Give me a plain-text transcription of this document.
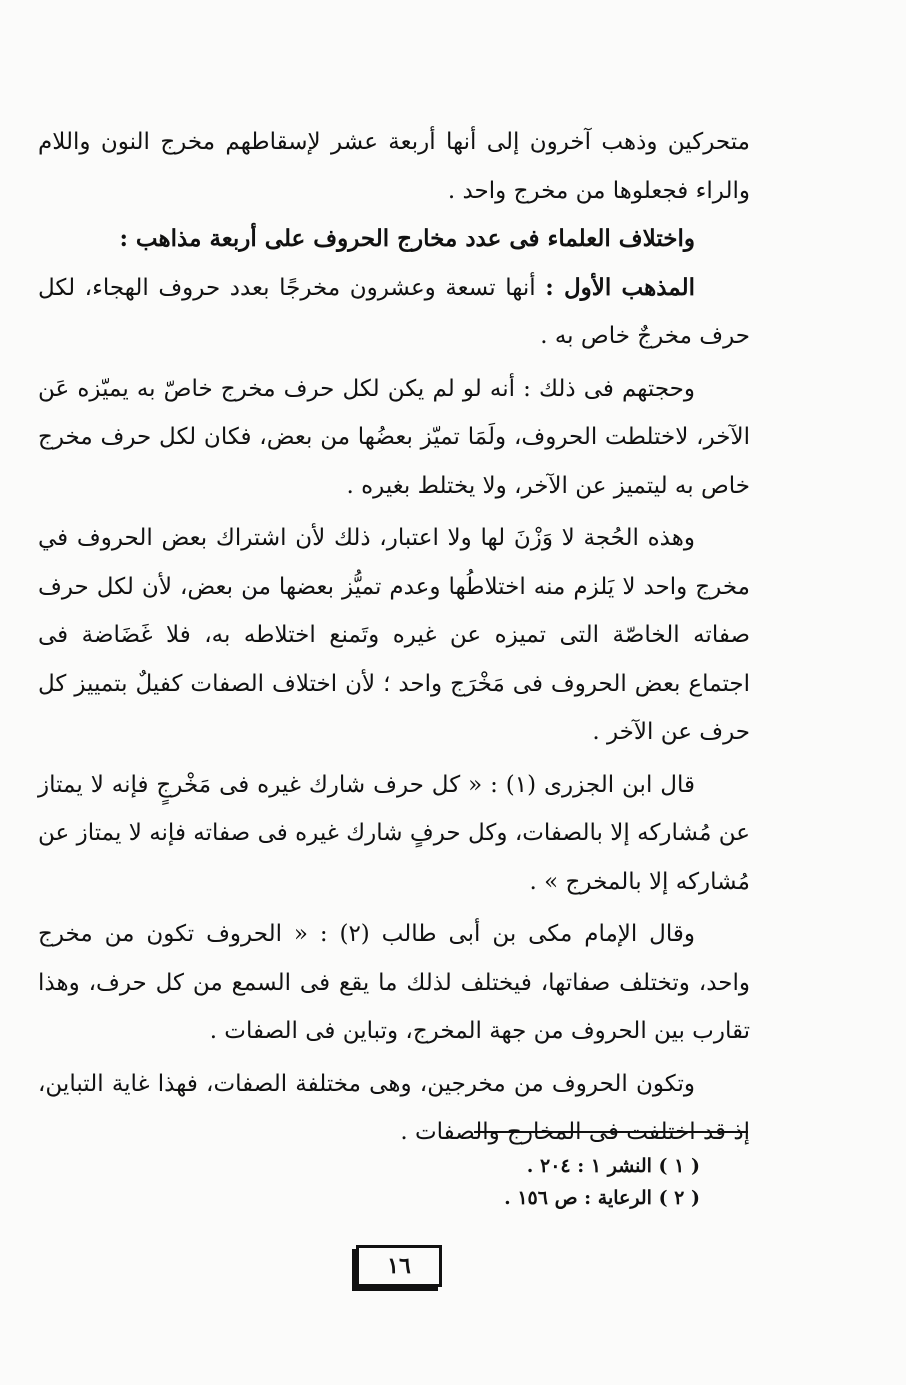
متحركين وذهب آخرون إلى أنها أربعة عشر لإسقاطهم مخرج النون واللام والراء فجعلوها من مخرج واحد .

واختلاف العلماء فى عدد مخارج الحروف على أربعة مذاهب :

المذهب الأول : أنها تسعة وعشرون مخرجًا بعدد حروف الهجاء، لكل حرف مخرجٌ خاص به .

وحجتهم فى ذلك : أنه لو لم يكن لكل حرف مخرج خاصّ به يميّزه عَن الآخر، لاختلطت الحروف، ولَمَا تميّز بعضُها من بعض، فكان لكل حرف مخرج خاص به ليتميز عن الآخر، ولا يختلط بغيره .

وهذه الحُجة لا وَزْنَ لها ولا اعتبار، ذلك لأن اشتراك بعض الحروف في مخرج واحد لا يَلزم منه اختلاطُها وعدم تميُّز بعضها من بعض، لأن لكل حرف صفاته الخاصّة التى تميزه عن غيره وتَمنع اختلاطه به، فلا غَضَاضة فى اجتماع بعض الحروف فى مَخْرَج واحد ؛ لأن اختلاف الصفات كفيلٌ بتمييز كل حرف عن الآخر .

قال ابن الجزرى (١) : « كل حرف شارك غيره فى مَخْرجٍ فإنه لا يمتاز عن مُشاركه إلا بالصفات، وكل حرفٍ شارك غيره فى صفاته فإنه لا يمتاز عن مُشاركه إلا بالمخرج » .

وقال الإمام مكى بن أبى طالب (٢) : « الحروف تكون من مخرج واحد، وتختلف صفاتها، فيختلف لذلك ما يقع فى السمع من كل حرف، وهذا تقارب بين الحروف من جهة المخرج، وتباين فى الصفات .

وتكون الحروف من مخرجين، وهى مختلفة الصفات، فهذا غاية التباين، إذ قد اختلفت فى المخارج والصفات .

( ١ ) النشر ١ : ٢٠٤ .
( ٢ ) الرعاية : ص ١٥٦ .
١٦
